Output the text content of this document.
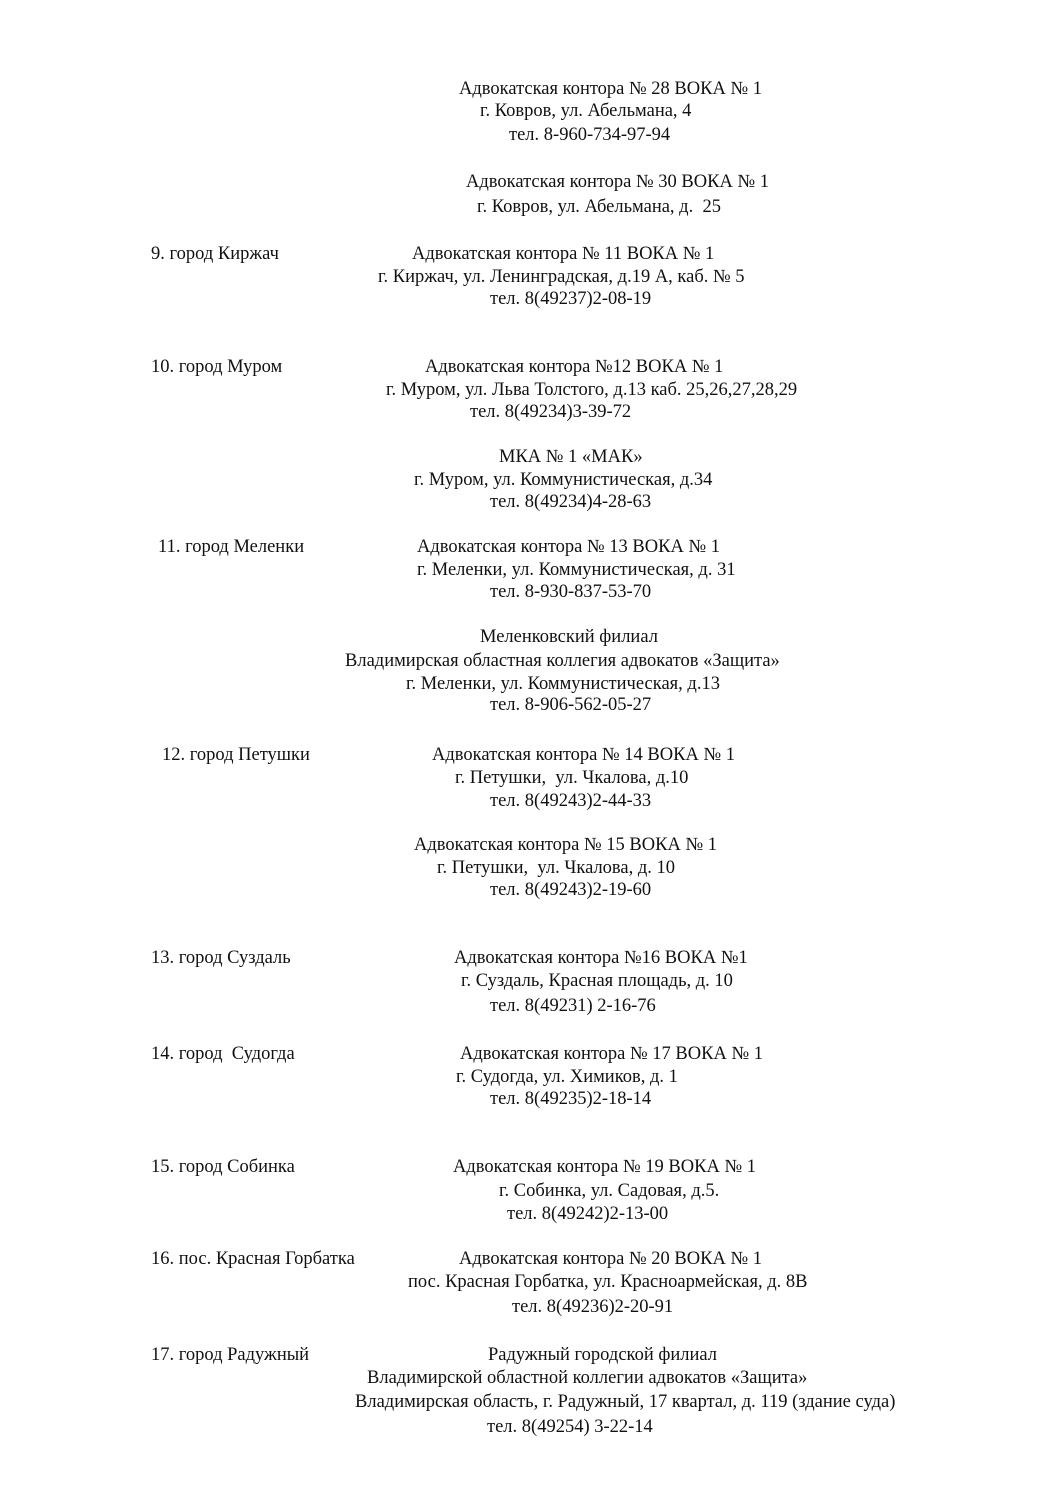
Адвокатская контора № 28 ВОКА № 1
г. Ковров, ул. Абельмана, 4
тел. 8-960-734-97-94
Адвокатская контора № 30 ВОКА № 1
г. Ковров, ул. Абельмана, д.  25
9. город Киржач	Адвокатская контора № 11 ВОКА № 1
г. Киржач, ул. Ленинградская, д.19 А, каб. № 5
тел. 8(49237)2-08-19
10. город Муром	Адвокатская контора №12 ВОКА № 1
г. Муром, ул. Льва Толстого, д.13 каб. 25,26,27,28,29
тел. 8(49234)3-39-72
МКА № 1 «МАК»
г. Муром, ул. Коммунистическая, д.34
тел. 8(49234)4-28-63
11. город Меленки	Адвокатская контора № 13 ВОКА № 1
г. Меленки, ул. Коммунистическая, д. 31
тел. 8-930-837-53-70
Меленковский филиал
Владимирская областная коллегия адвокатов «Защита»
г. Меленки, ул. Коммунистическая, д.13
тел. 8-906-562-05-27
12. город Петушки	Адвокатская контора № 14 ВОКА № 1
г. Петушки,  ул. Чкалова, д.10
тел. 8(49243)2-44-33
Адвокатская контора № 15 ВОКА № 1
г. Петушки,  ул. Чкалова, д. 10
тел. 8(49243)2-19-60
13. город Суздаль	Адвокатская контора №16 ВОКА №1
г. Суздаль, Красная площадь, д. 10
тел. 8(49231) 2-16-76
14. город  Судогда	Адвокатская контора № 17 ВОКА № 1
г. Судогда, ул. Химиков, д. 1
тел. 8(49235)2-18-14
15. город Собинка	Адвокатская контора № 19 ВОКА № 1
г. Собинка, ул. Садовая, д.5.
тел. 8(49242)2-13-00
16. пос. Красная Горбатка	Адвокатская контора № 20 ВОКА № 1
пос. Красная Горбатка, ул. Красноармейская, д. 8В
тел. 8(49236)2-20-91
17. город Радужный	Радужный городской филиал
Владимирской областной коллегии адвокатов «Защита»
Владимирская область, г. Радужный, 17 квартал, д. 119 (здание суда)
тел. 8(49254) 3-22-14
